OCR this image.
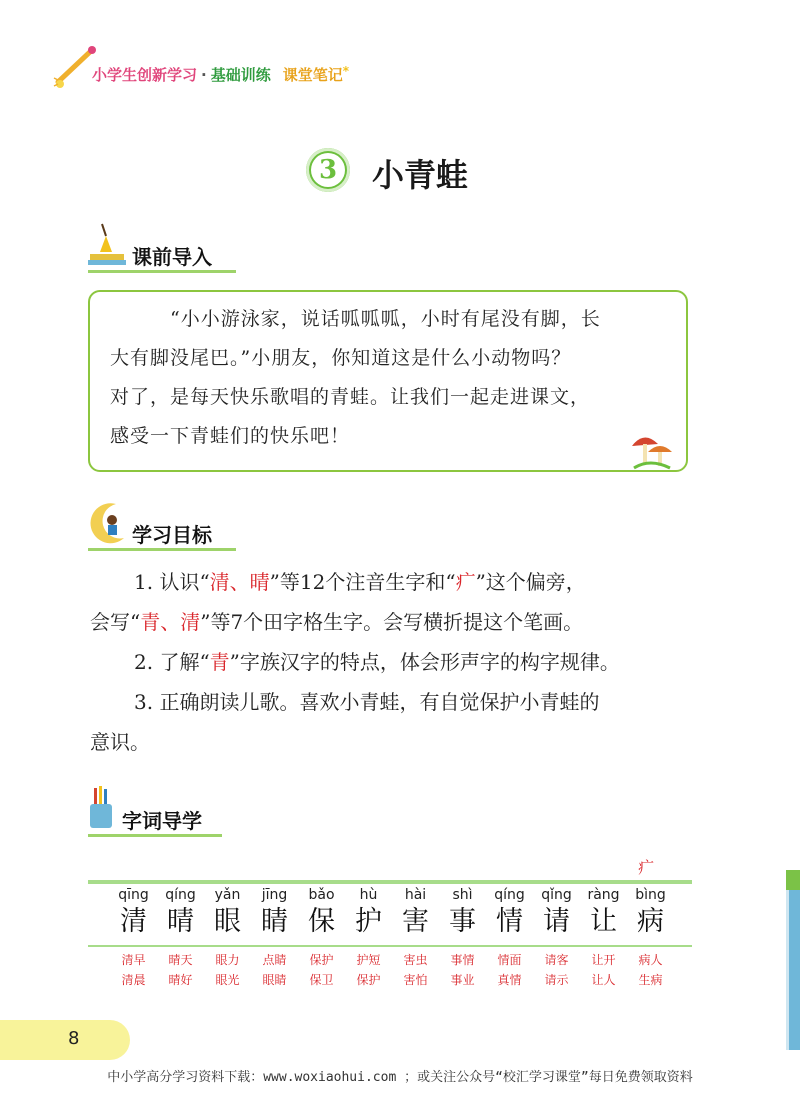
小学生创新学习 · 基础训练 课堂笔记*
3 小青蛙
课前导入
“小小游泳家，说话呱呱呱，小时有尾没有脚，长
大有脚没尾巴。”小朋友，你知道这是什么小动物吗？
对了，是每天快乐歌唱的青蛙。让我们一起走进课文，
感受一下青蛙们的快乐吧！
学习目标

1. 认识“清、晴”等12个注音生字和“疒”这个偏旁，

会写“青、清”等7个田字格生字。会写横折提这个笔画。

2. 了解“青”字族汉字的特点，体会形声字的构字规律。

3. 正确朗读儿歌。喜欢小青蛙，有自觉保护小青蛙的

意识。

字词导学
疒
qīng
清
qíng
晴
yǎn
眼
jīng
睛
bǎo
保
hù
护
hài
害
shì
事
qíng
情
qǐng
请
ràng
让
bìng
病
清早
清晨
晴天
晴好
眼力
眼光
点睛
眼睛
保护
保卫
护短
保护
害虫
害怕
事情
事业
情面
真情
请客
请示
让开
让人
病人
生病
8
中小学高分学习资料下载：www.woxiaohui.com ；或关注公众号“校汇学习课堂”每日免费领取资料
